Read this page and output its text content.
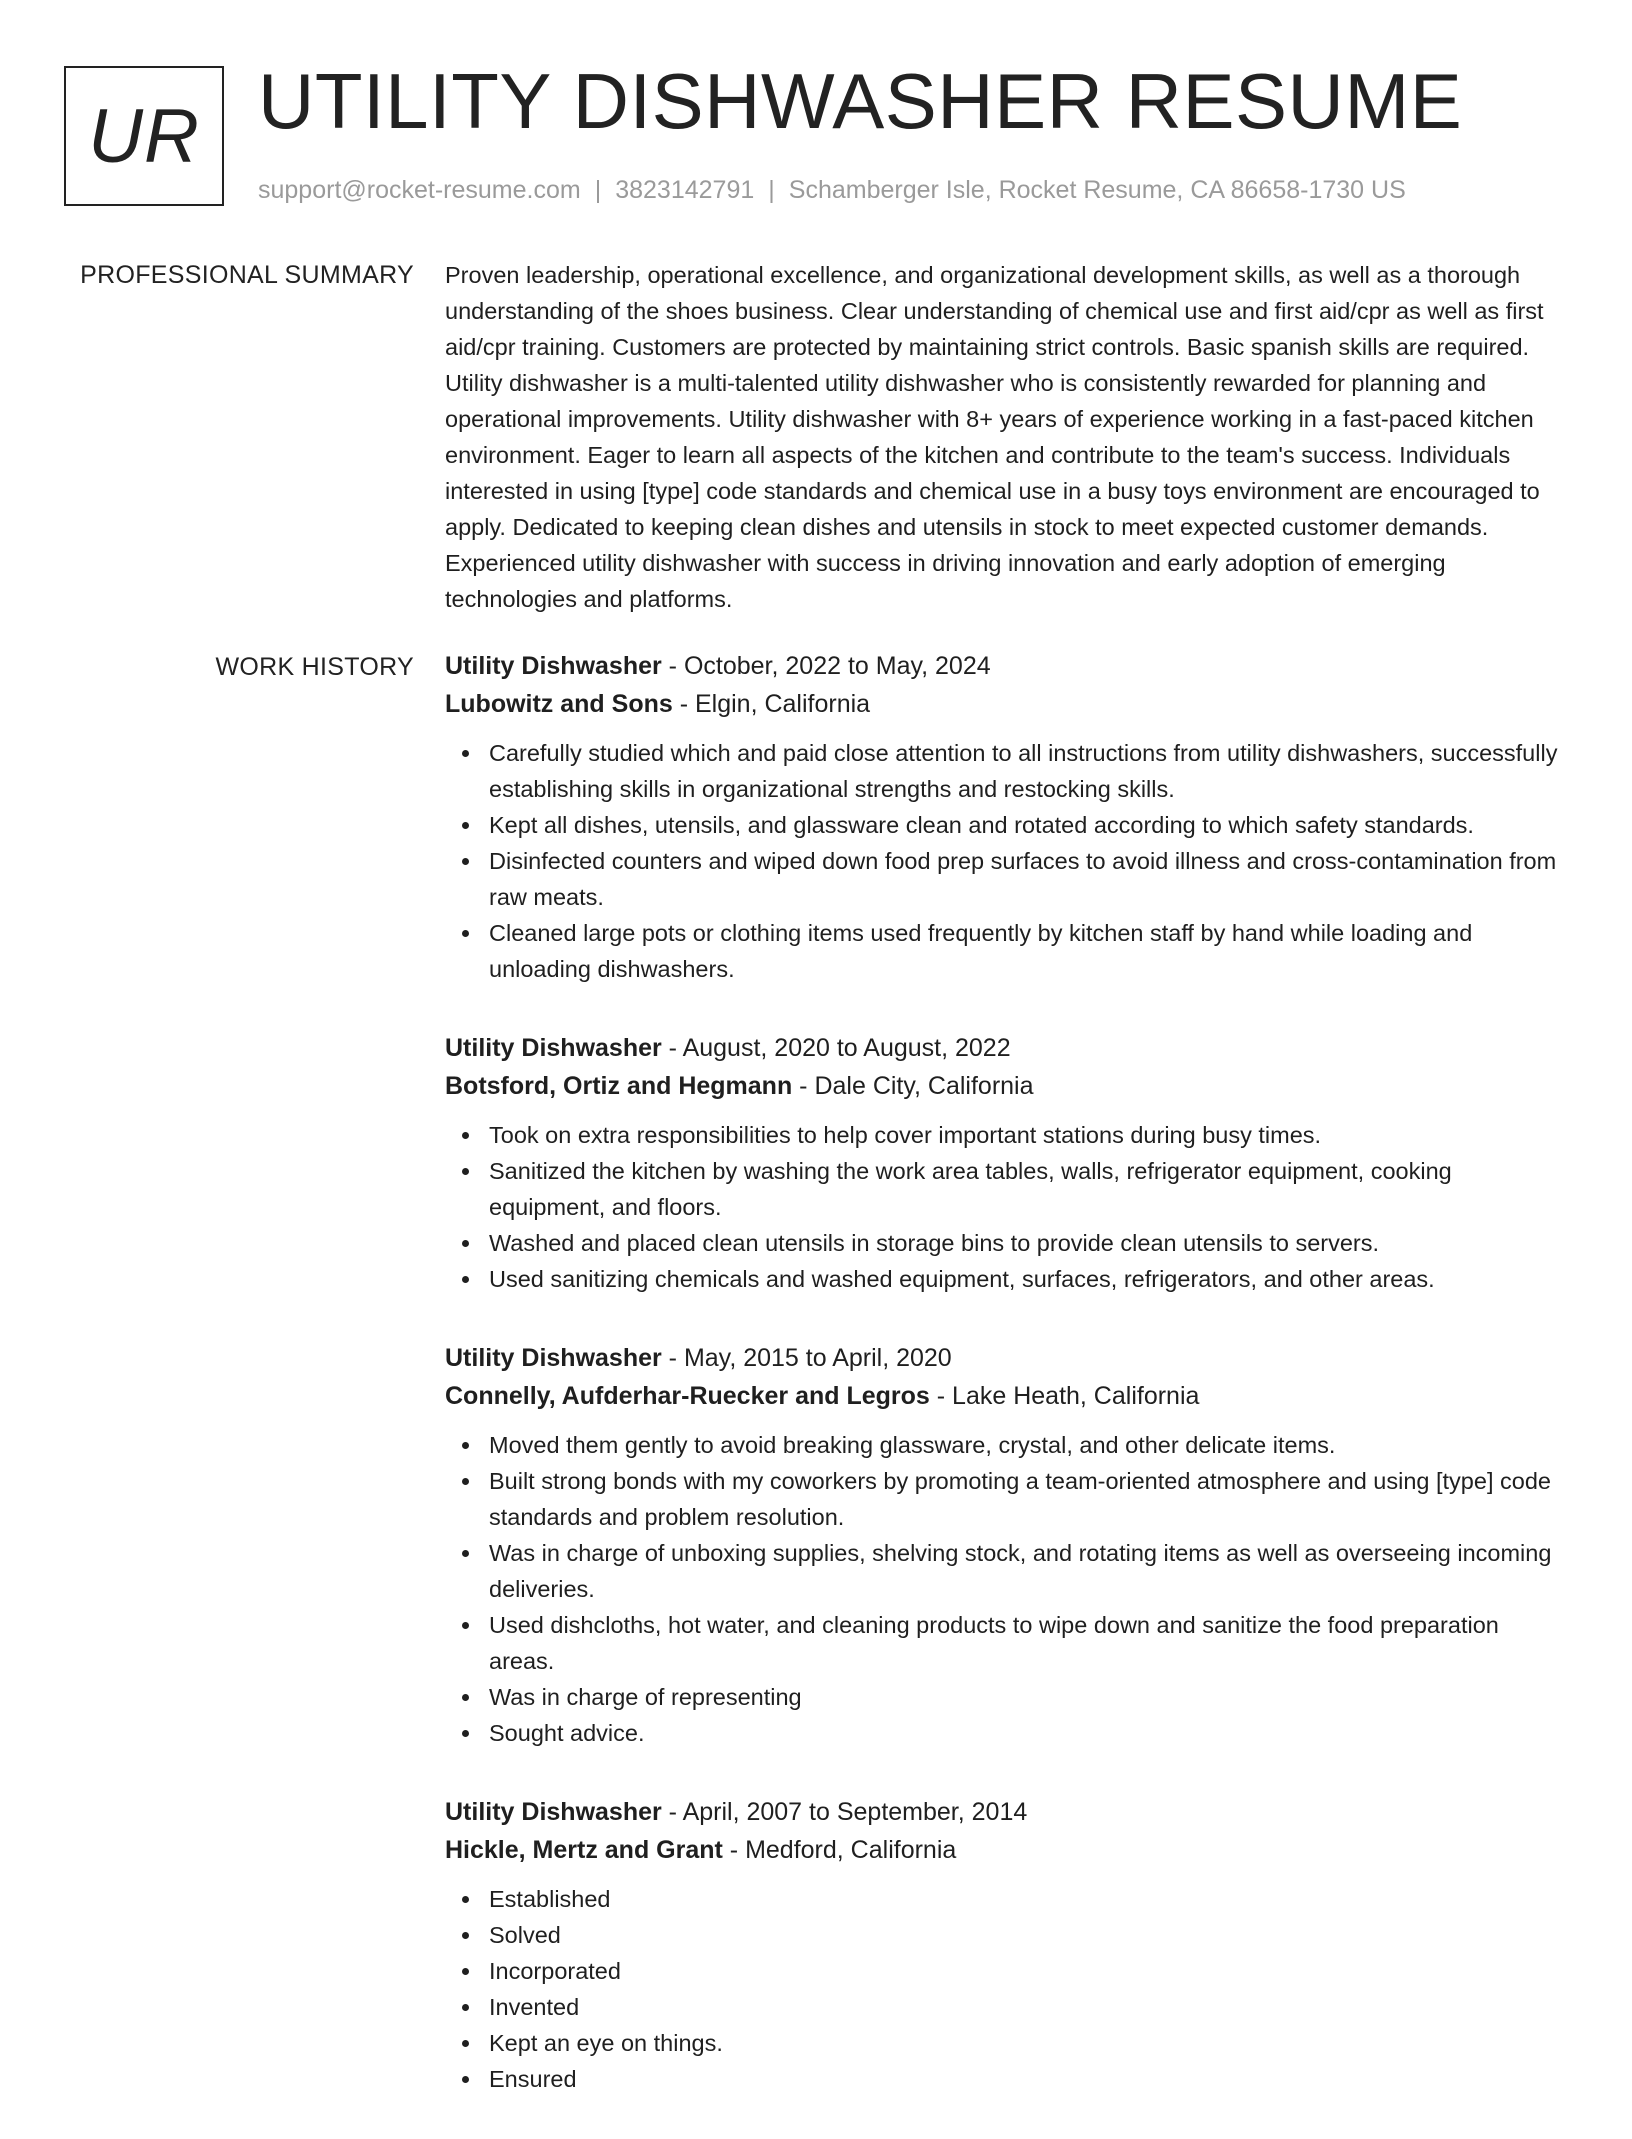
UR UTILITY DISHWASHER RESUME
support@rocket-resume.com | 3823142791 | Schamberger Isle, Rocket Resume, CA 86658-1730 US
PROFESSIONAL SUMMARY Proven leadership, operational excellence, and organizational development skills, as well as a thorough understanding of the shoes business. Clear understanding of chemical use and first aid/cpr as well as first aid/cpr training. Customers are protected by maintaining strict controls. Basic spanish skills are required. Utility dishwasher is a multi-talented utility dishwasher who is consistently rewarded for planning and operational improvements. Utility dishwasher with 8+ years of experience working in a fast-paced kitchen environment. Eager to learn all aspects of the kitchen and contribute to the team's success. Individuals interested in using [type] code standards and chemical use in a busy toys environment are encouraged to apply. Dedicated to keeping clean dishes and utensils in stock to meet expected customer demands. Experienced utility dishwasher with success in driving innovation and early adoption of emerging technologies and platforms.

WORK HISTORY Utility Dishwasher - October, 2022 to May, 2024

Lubowitz and Sons - Elgin, California

Carefully studied which and paid close attention to all instructions from utility dishwashers, successfully establishing skills in organizational strengths and restocking skills.
Kept all dishes, utensils, and glassware clean and rotated according to which safety standards.
Disinfected counters and wiped down food prep surfaces to avoid illness and cross-contamination from raw meats.
Cleaned large pots or clothing items used frequently by kitchen staff by hand while loading and unloading dishwashers.

Utility Dishwasher - August, 2020 to August, 2022

Botsford, Ortiz and Hegmann - Dale City, California

Took on extra responsibilities to help cover important stations during busy times.
Sanitized the kitchen by washing the work area tables, walls, refrigerator equipment, cooking equipment, and floors.
Washed and placed clean utensils in storage bins to provide clean utensils to servers.
Used sanitizing chemicals and washed equipment, surfaces, refrigerators, and other areas.

Utility Dishwasher - May, 2015 to April, 2020

Connelly, Aufderhar-Ruecker and Legros - Lake Heath, California

Moved them gently to avoid breaking glassware, crystal, and other delicate items.
Built strong bonds with my coworkers by promoting a team-oriented atmosphere and using [type] code standards and problem resolution.
Was in charge of unboxing supplies, shelving stock, and rotating items as well as overseeing incoming deliveries.
Used dishcloths, hot water, and cleaning products to wipe down and sanitize the food preparation areas.
Was in charge of representing
Sought advice.

Utility Dishwasher - April, 2007 to September, 2014

Hickle, Mertz and Grant - Medford, California

Established
Solved
Incorporated
Invented
Kept an eye on things.
Ensured
